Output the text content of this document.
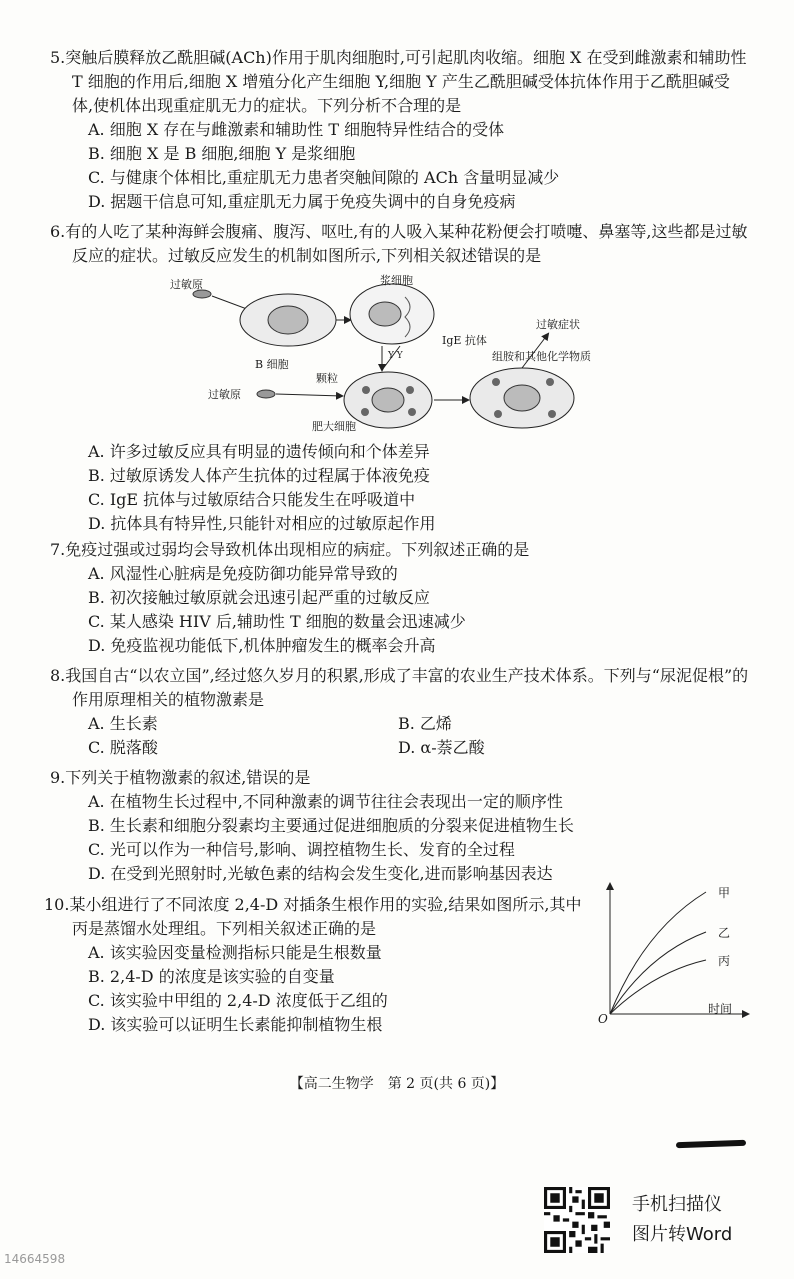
5.突触后膜释放乙酰胆碱(ACh)作用于肌肉细胞时,可引起肌肉收缩。细胞 X 在受到雌激素和辅助性 T 细胞的作用后,细胞 X 增殖分化产生细胞 Y,细胞 Y 产生乙酰胆碱受体抗体作用于乙酰胆碱受体,使机体出现重症肌无力的症状。下列分析不合理的是

A. 细胞 X 存在与雌激素和辅助性 T 细胞特异性结合的受体

B. 细胞 X 是 B 细胞,细胞 Y 是浆细胞

C. 与健康个体相比,重症肌无力患者突触间隙的 ACh 含量明显减少

D. 据题干信息可知,重症肌无力属于免疫失调中的自身免疫病

6.有的人吃了某种海鲜会腹痛、腹泻、呕吐,有的人吸入某种花粉便会打喷嚏、鼻塞等,这些都是过敏反应的症状。过敏反应发生的机制如图所示,下列相关叙述错误的是

Y Y
过敏原	浆细胞
B 细胞
IgE 抗体
过敏症状
组胺和其他化学物质
颗粒
过敏原
肥大细胞

A. 许多过敏反应具有明显的遗传倾向和个体差异

B. 过敏原诱发人体产生抗体的过程属于体液免疫

C. IgE 抗体与过敏原结合只能发生在呼吸道中

D. 抗体具有特异性,只能针对相应的过敏原起作用

7.免疫过强或过弱均会导致机体出现相应的病症。下列叙述正确的是

A. 风湿性心脏病是免疫防御功能异常导致的

B. 初次接触过敏原就会迅速引起严重的过敏反应

C. 某人感染 HIV 后,辅助性 T 细胞的数量会迅速减少

D. 免疫监视功能低下,机体肿瘤发生的概率会升高

8.我国自古“以农立国”,经过悠久岁月的积累,形成了丰富的农业生产技术体系。下列与“尿泥促根”的作用原理相关的植物激素是

A. 生长素	B. 乙烯
C. 脱落酸	D. α-萘乙酸

9.下列关于植物激素的叙述,错误的是

A. 在植物生长过程中,不同种激素的调节往往会表现出一定的顺序性

B. 生长素和细胞分裂素均主要通过促进细胞质的分裂来促进植物生长

C. 光可以作为一种信号,影响、调控植物生长、发育的全过程

D. 在受到光照射时,光敏色素的结构会发生变化,进而影响基因表达

10.某小组进行了不同浓度 2,4-D 对插条生根作用的实验,结果如图所示,其中丙是蒸馏水处理组。下列相关叙述正确的是

A. 该实验因变量检测指标只能是生根数量

B. 2,4-D 的浓度是该实验的自变量

C. 该实验中甲组的 2,4-D 浓度低于乙组的

D. 该实验可以证明生长素能抑制植物生根	O
时间
甲
乙
丙
【高二生物学　第 2 页(共 6 页)】
手机扫描仪
图片转Word
14664598
